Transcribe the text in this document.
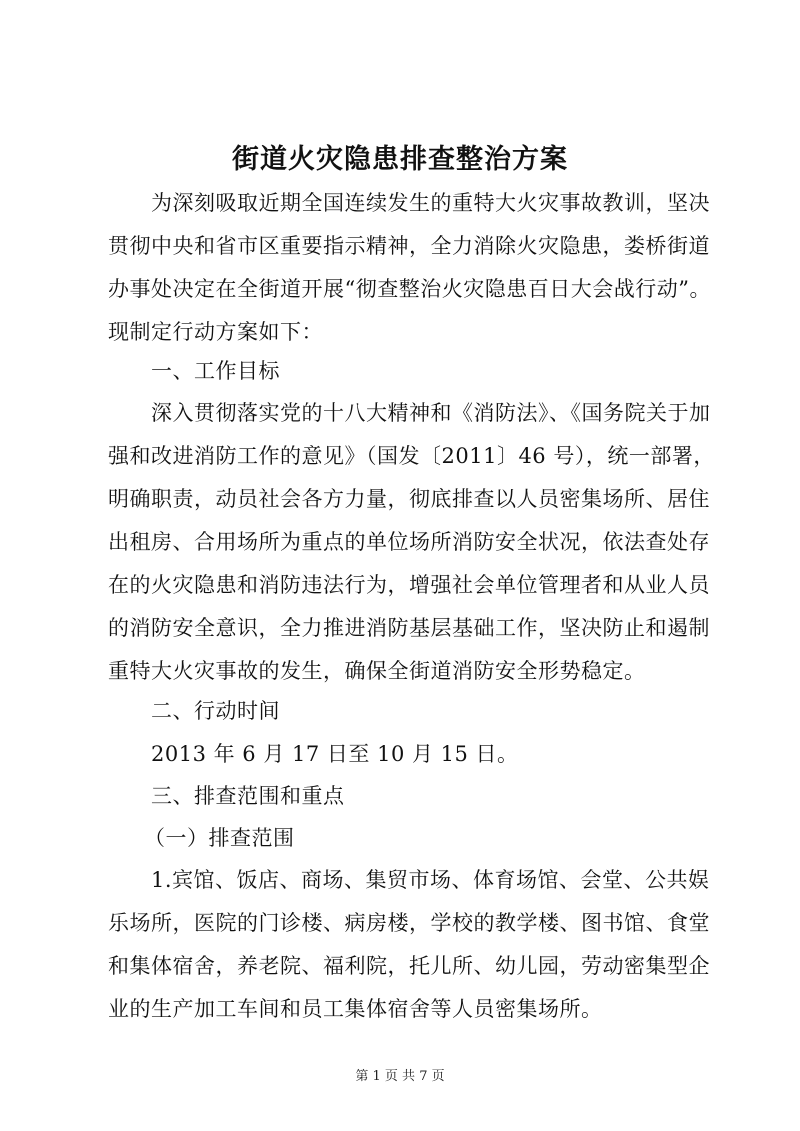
街道火灾隐患排查整治方案
为深刻吸取近期全国连续发生的重特大火灾事故教训，坚决
贯彻中央和省市区重要指示精神，全力消除火灾隐患，娄桥街道
办事处决定在全街道开展“彻查整治火灾隐患百日大会战行动”。
现制定行动方案如下：
一、工作目标
深入贯彻落实党的十八大精神和《消防法》、《国务院关于加
强和改进消防工作的意见》（国发〔2011〕46 号），统一部署，
明确职责，动员社会各方力量，彻底排查以人员密集场所、居住
出租房、合用场所为重点的单位场所消防安全状况，依法查处存
在的火灾隐患和消防违法行为，增强社会单位管理者和从业人员
的消防安全意识，全力推进消防基层基础工作，坚决防止和遏制
重特大火灾事故的发生，确保全街道消防安全形势稳定。
二、行动时间
2013 年 6 月 17 日至 10 月 15 日。
三、排查范围和重点
（一）排查范围
1.宾馆、饭店、商场、集贸市场、体育场馆、会堂、公共娱
乐场所，医院的门诊楼、病房楼，学校的教学楼、图书馆、食堂
和集体宿舍，养老院、福利院，托儿所、幼儿园，劳动密集型企
业的生产加工车间和员工集体宿舍等人员密集场所。
第 1 页 共 7 页
